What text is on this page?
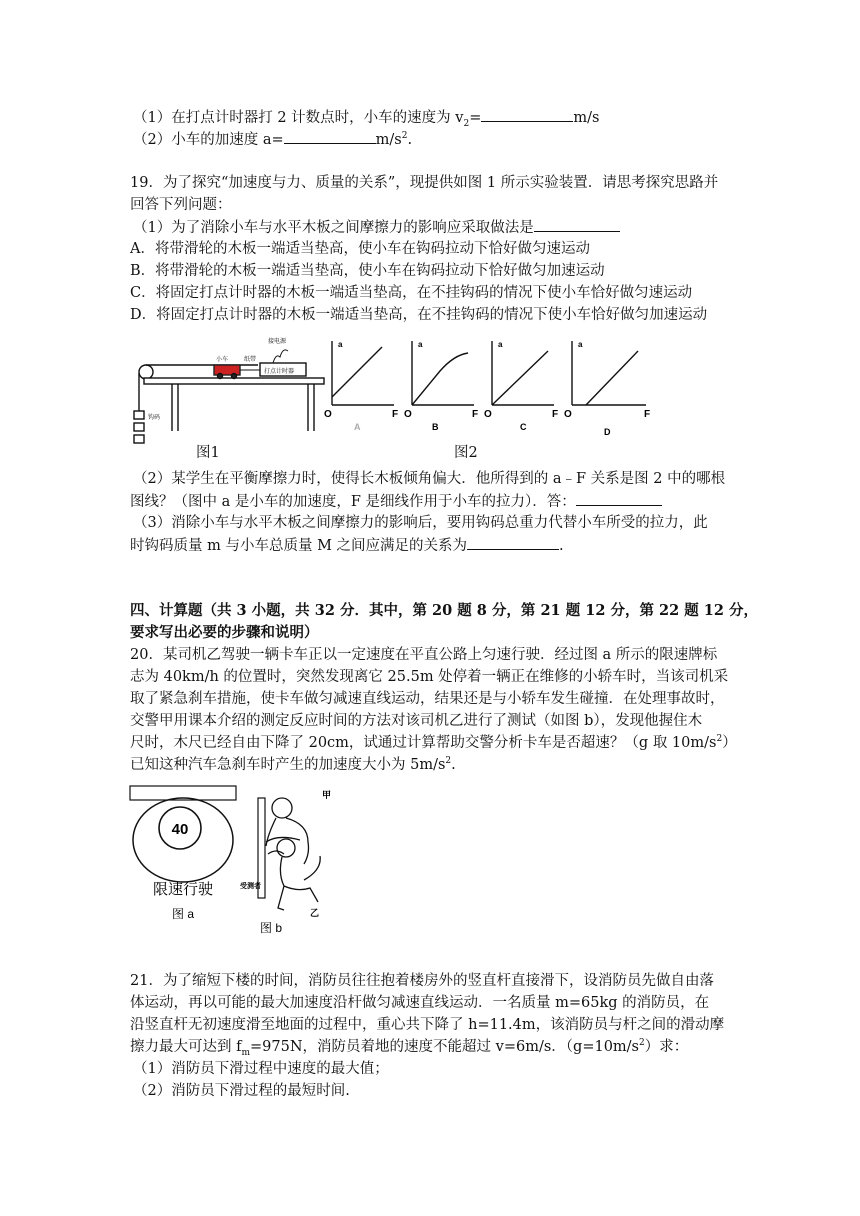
（1）在打点计时器打 2 计数点时，小车的速度为 $v_2=$	m/s
（2）小车的加速度 a=	$m/s^2$.
19．为了探究“加速度与力、质量的关系”，现提供如图 1 所示实验装置．请思考探究思路并
回答下列问题：
（1）为了消除小车与水平木板之间摩擦力的影响应采取做法是
A．将带滑轮的木板一端适当垫高，使小车在钩码拉动下恰好做匀速运动
B．将带滑轮的木板一端适当垫高，使小车在钩码拉动下恰好做匀加速运动
C．将固定打点计时器的木板一端适当垫高，在不挂钩码的情况下使小车恰好做匀速运动
D．将固定打点计时器的木板一端适当垫高，在不挂钩码的情况下使小车恰好做匀加速运动
小车	纸带
接电源
打点计时器
钩码
a
O	F
A
a
O	F
B
a
O	F
C
a
O	F
D
图1	图2
（2）某学生在平衡摩擦力时，使得长木板倾角偏大．他所得到的 a﹣F 关系是图 2 中的哪根
图线？（图中 a 是小车的加速度，F 是细线作用于小车的拉力）．答：
（3）消除小车与水平木板之间摩擦力的影响后，要用钩码总重力代替小车所受的拉力，此
时钩码质量 m 与小车总质量 M 之间应满足的关系为	.
四、计算题（共 3 小题，共 32 分．其中，第 20 题 8 分，第 21 题 12 分，第 22 题 12 分，
要求写出必要的步骤和说明）
20．某司机乙驾驶一辆卡车正以一定速度在平直公路上匀速行驶．经过图 a 所示的限速牌标
志为 40km/h 的位置时，突然发现离它 25.5m 处停着一辆正在维修的小轿车时，当该司机采
取了紧急刹车措施，使卡车做匀减速直线运动，结果还是与小轿车发生碰撞．在处理事故时，
交警甲用课本介绍的测定反应时间的方法对该司机乙进行了测试（如图 b），发现他握住木
尺时，木尺已经自由下降了 20cm，试通过计算帮助交警分析卡车是否超速？（g 取 $10m/s^2$）
已知这种汽车急刹车时产生的加速度大小为 $5m/s^2$.
40
限速行驶
图 a
甲
乙
受测者
图 b
21．为了缩短下楼的时间，消防员往往抱着楼房外的竖直杆直接滑下，设消防员先做自由落
体运动，再以可能的最大加速度沿杆做匀减速直线运动．一名质量 m=65kg 的消防员，在
沿竖直杆无初速度滑至地面的过程中，重心共下降了 h=11.4m，该消防员与杆之间的滑动摩
擦力最大可达到 $f_m=975N$，消防员着地的速度不能超过 v=6m/s．$(g=10m/s^2)$求：
（1）消防员下滑过程中速度的最大值；
（2）消防员下滑过程的最短时间.
